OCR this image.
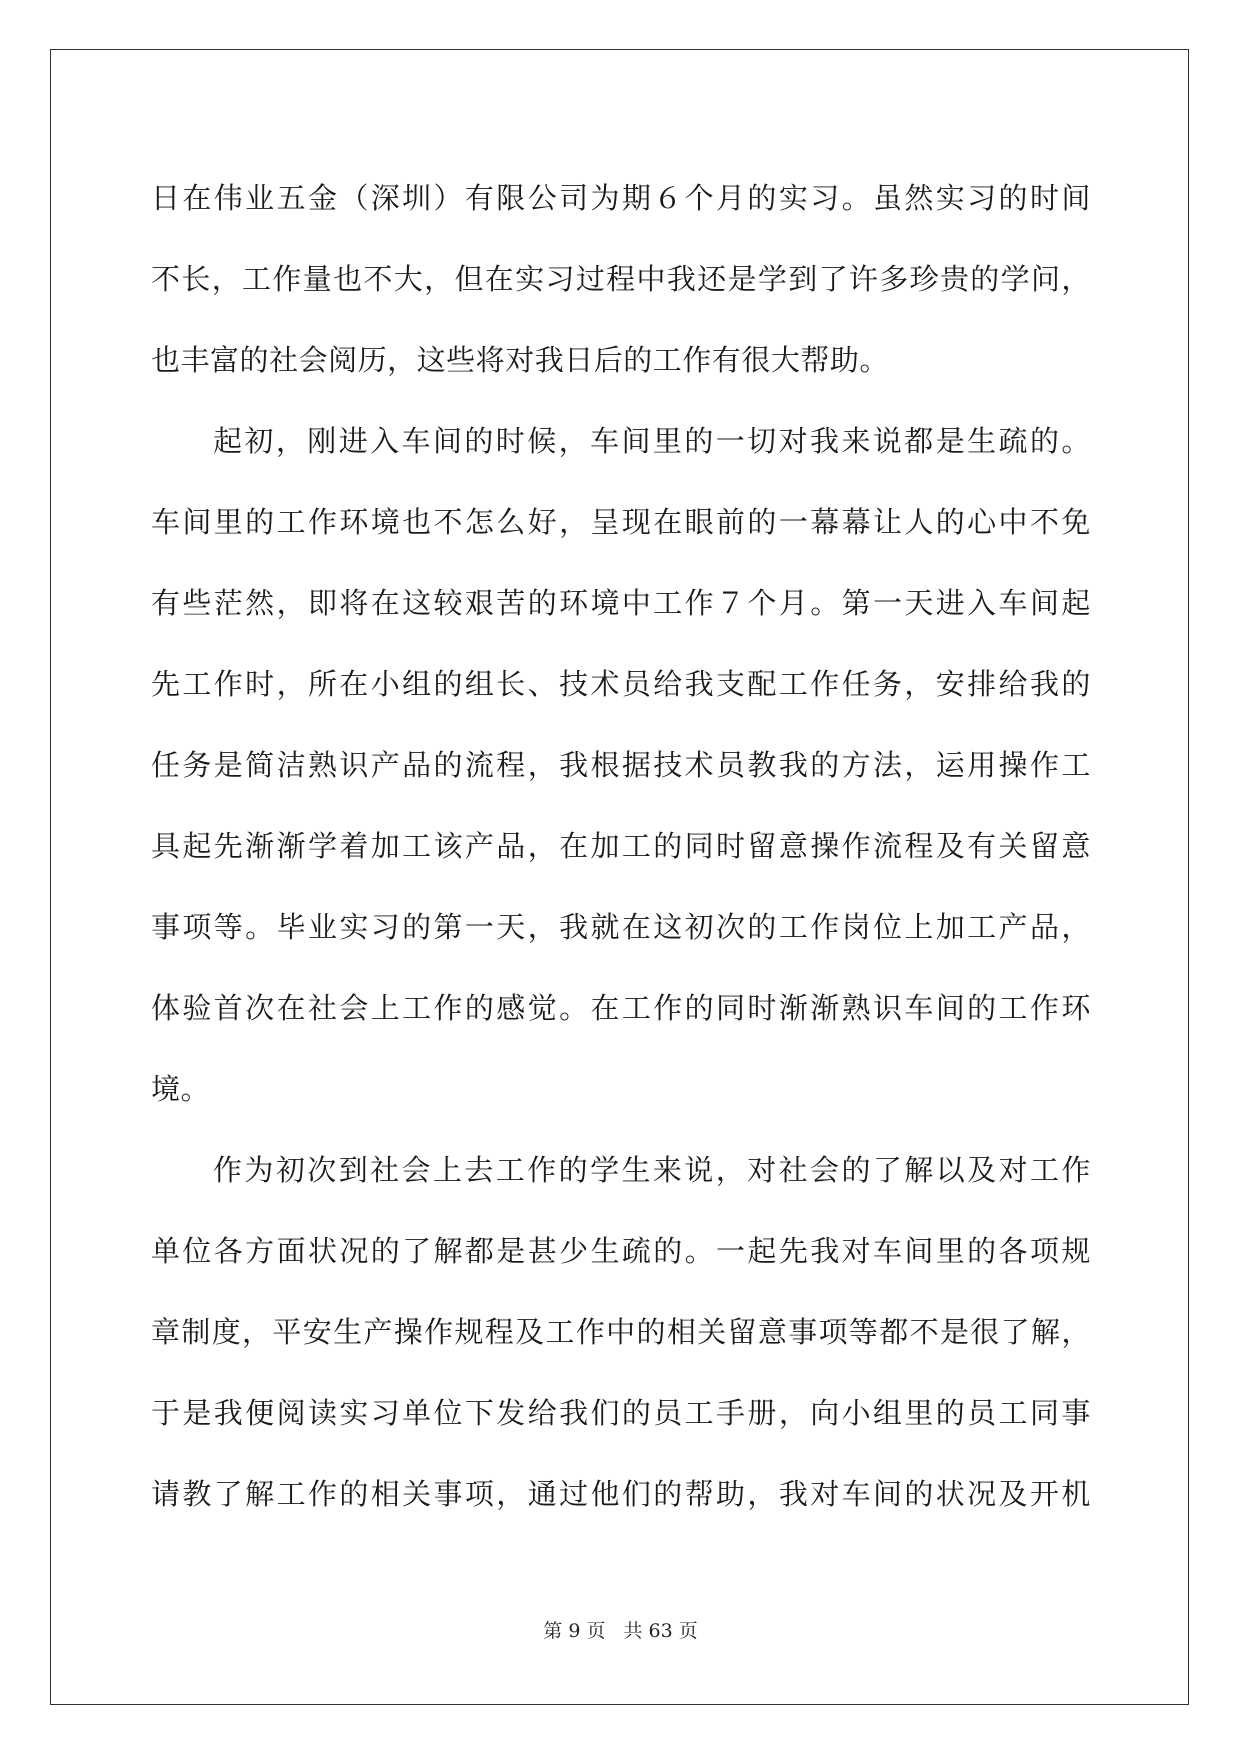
日 在 伟 业 五 金 （ 深 圳 ） 有 限 公 司 为 期 ６ 个 月 的 实 习 。 虽 然 实 习 的 时 间
不 长 ， 工 作 量 也 不 大 ， 但 在 实 习 过 程 中 我 还 是 学 到 了 许 多 珍 贵 的 学 问 ，
也 丰 富 的 社 会 阅 历 ， 这 些 将 对 我 日 后 的 工 作 有 很 大 帮 助 。
起 初 ， 刚 进 入 车 间 的 时 候 ， 车 间 里 的 一 切 对 我 来 说 都 是 生 疏 的 。
车 间 里 的 工 作 环 境 也 不 怎 么 好 ， 呈 现 在 眼 前 的 一 幕 幕 让 人 的 心 中 不 免
有 些 茫 然 ， 即 将 在 这 较 艰 苦 的 环 境 中 工 作 ７ 个 月 。 第 一 天 进 入 车 间 起
先 工 作 时 ， 所 在 小 组 的 组 长 、 技 术 员 给 我 支 配 工 作 任 务 ， 安 排 给 我 的
任 务 是 简 洁 熟 识 产 品 的 流 程 ， 我 根 据 技 术 员 教 我 的 方 法 ， 运 用 操 作 工
具 起 先 渐 渐 学 着 加 工 该 产 品 ， 在 加 工 的 同 时 留 意 操 作 流 程 及 有 关 留 意
事 项 等 。 毕 业 实 习 的 第 一 天 ， 我 就 在 这 初 次 的 工 作 岗 位 上 加 工 产 品 ，
体 验 首 次 在 社 会 上 工 作 的 感 觉 。 在 工 作 的 同 时 渐 渐 熟 识 车 间 的 工 作 环
境 。
作 为 初 次 到 社 会 上 去 工 作 的 学 生 来 说 ， 对 社 会 的 了 解 以 及 对 工 作
单 位 各 方 面 状 况 的 了 解 都 是 甚 少 生 疏 的 。 一 起 先 我 对 车 间 里 的 各 项 规
章 制 度 ， 平 安 生 产 操 作 规 程 及 工 作 中 的 相 关 留 意 事 项 等 都 不 是 很 了 解 ，
于 是 我 便 阅 读 实 习 单 位 下 发 给 我 们 的 员 工 手 册 ， 向 小 组 里 的 员 工 同 事
请 教 了 解 工 作 的 相 关 事 项 ， 通 过 他 们 的 帮 助 ， 我 对 车 间 的 状 况 及 开 机
第 9 页 共 63 页
